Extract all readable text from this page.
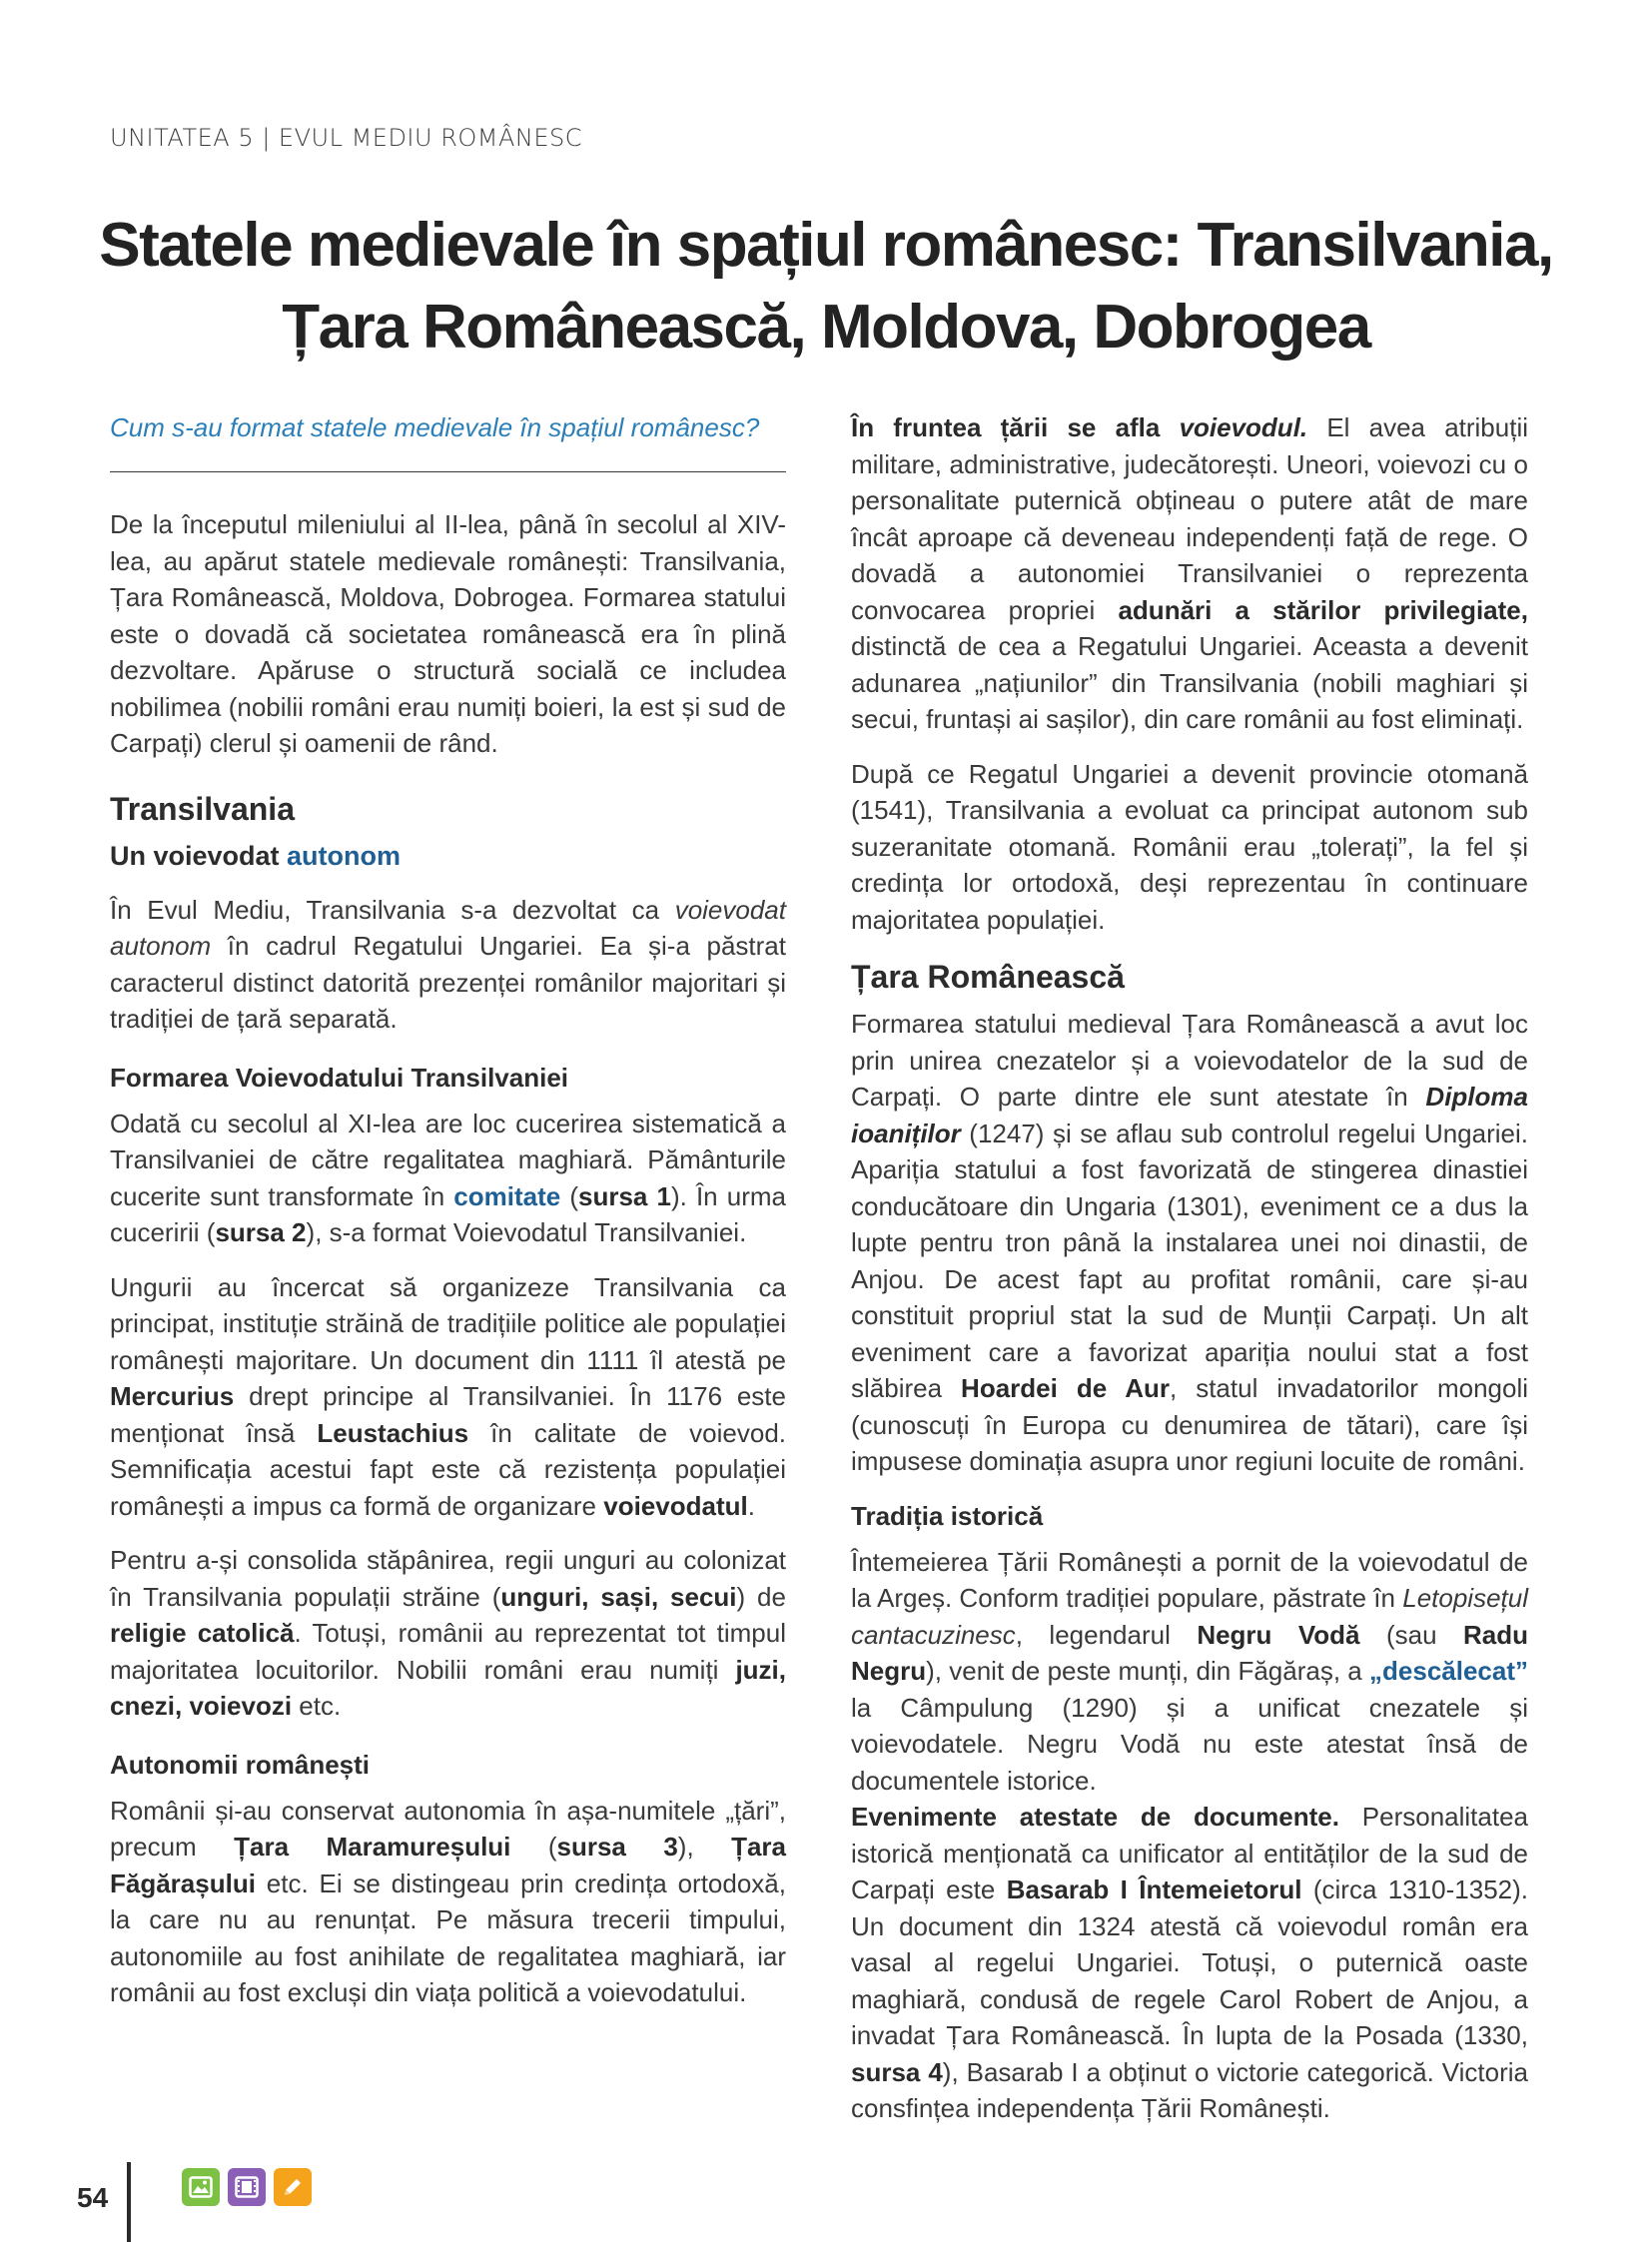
UNITATEA 5 | EVUL MEDIU ROMÂNESC
Statele medievale în spațiul românesc: Transilvania,
Țara Românească, Moldova, Dobrogea

Cum s-au format statele medievale în spațiul românesc?

De la începutul mileniului al II-lea, până în secolul al XIV-lea, au apărut statele medievale românești: Transilvania, Țara Românească, Moldova, Dobrogea. Formarea statului este o dovadă că societatea românească era în plină dezvoltare. Apăruse o structură socială ce includea nobilimea (nobilii români erau numiți boieri, la est și sud de Carpați) clerul și oamenii de rând.

Transilvania
Un voievodat autonom

În Evul Mediu, Transilvania s-a dezvoltat ca voievodat autonom în cadrul Regatului Ungariei. Ea și-a păstrat caracterul distinct datorită prezenței românilor majoritari și tradiției de țară separată.

Formarea Voievodatului Transilvaniei

Odată cu secolul al XI-lea are loc cucerirea sistematică a Transilvaniei de către regalitatea maghiară. Pământurile cucerite sunt transformate în comitate (sursa 1). În urma cuceririi (sursa 2), s-a format Voievodatul Transilvaniei.

Ungurii au încercat să organizeze Transilvania ca principat, instituție străină de tradițiile politice ale populației românești majoritare. Un document din 1111 îl atestă pe Mercurius drept principe al Transilvaniei. În 1176 este menționat însă Leustachius în calitate de voievod. Semnificația acestui fapt este că rezistența populației românești a impus ca formă de organizare voievodatul.

Pentru a-și consolida stăpânirea, regii unguri au colonizat în Transilvania populații străine (unguri, sași, secui) de religie catolică. Totuși, românii au reprezentat tot timpul majoritatea locuitorilor. Nobilii români erau numiți juzi, cnezi, voievozi etc.

Autonomii românești

Românii și-au conservat autonomia în așa-numitele „țări”, precum Țara Maramureșului (sursa 3), Țara Făgărașului etc. Ei se distingeau prin credința ortodoxă, la care nu au renunțat. Pe măsura trecerii timpului, autonomiile au fost anihilate de regalitatea maghiară, iar românii au fost excluși din viața politică a voievodatului.

În fruntea țării se afla voievodul. El avea atribuții militare, administrative, judecătorești. Uneori, voievozi cu o personalitate puternică obțineau o putere atât de mare încât aproape că deveneau independenți față de rege. O dovadă a autonomiei Transilvaniei o reprezenta convocarea propriei adunări a stărilor privilegiate, distinctă de cea a Regatului Ungariei. Aceasta a devenit adunarea „națiunilor” din Transilvania (nobili maghiari și secui, fruntași ai sașilor), din care românii au fost eliminați.

După ce Regatul Ungariei a devenit provincie otomană (1541), Transilvania a evoluat ca principat autonom sub suzeranitate otomană. Românii erau „tolerați”, la fel și credința lor ortodoxă, deși reprezentau în continuare majoritatea populației.

Țara Românească

Formarea statului medieval Țara Românească a avut loc prin unirea cnezatelor și a voievodatelor de la sud de Carpați. O parte dintre ele sunt atestate în Diploma ioaniților (1247) și se aflau sub controlul regelui Ungariei. Apariția statului a fost favorizată de stingerea dinastiei conducătoare din Ungaria (1301), eveniment ce a dus la lupte pentru tron până la instalarea unei noi dinastii, de Anjou. De acest fapt au profitat românii, care și-au constituit propriul stat la sud de Munții Carpați. Un alt eveniment care a favorizat apariția noului stat a fost slăbirea Hoardei de Aur, statul invadatorilor mongoli (cunoscuți în Europa cu denumirea de tătari), care își impusese dominația asupra unor regiuni locuite de români.

Tradiția istorică

Întemeierea Țării Românești a pornit de la voievodatul de la Argeș. Conform tradiției populare, păstrate în Letopisețul cantacuzinesc, legendarul Negru Vodă (sau Radu Negru), venit de peste munți, din Făgăraș, a „descălecat” la Câmpulung (1290) și a unificat cnezatele și voievodatele. Negru Vodă nu este atestat însă de documentele istorice.

Evenimente atestate de documente. Personalitatea istorică menționată ca unificator al entităților de la sud de Carpați este Basarab I Întemeietorul (circa 1310-1352). Un document din 1324 atestă că voievodul român era vasal al regelui Ungariei. Totuși, o puternică oaste maghiară, condusă de regele Carol Robert de Anjou, a invadat Țara Românească. În lupta de la Posada (1330, sursa 4), Basarab I a obținut o victorie categorică. Victoria consfințea independența Țării Românești.

54
